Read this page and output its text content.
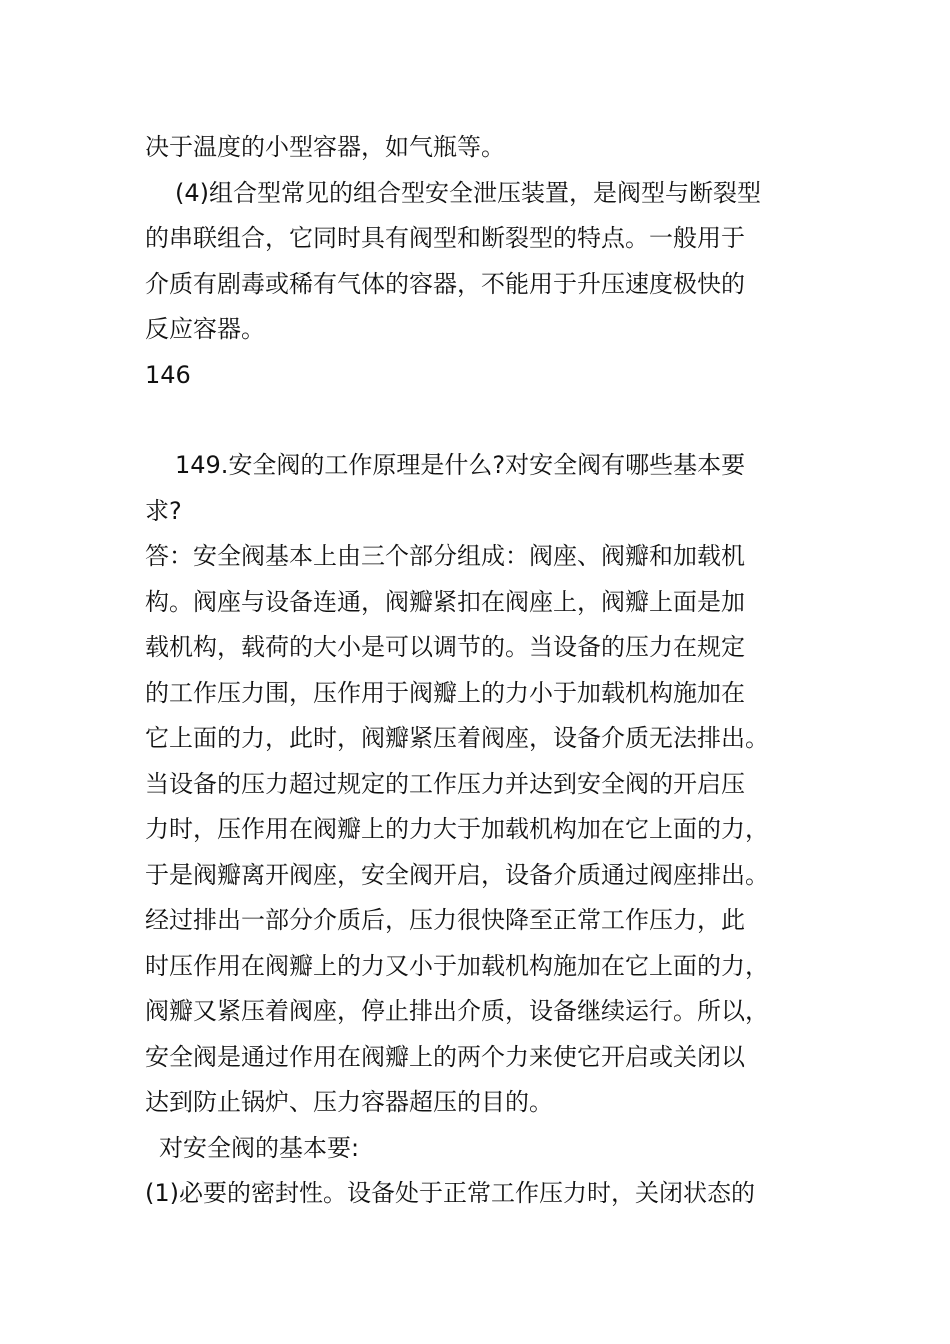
决于温度的小型容器，如气瓶等。

(4)组合型常见的组合型安全泄压装置，是阀型与断裂型

的串联组合，它同时具有阀型和断裂型的特点。一般用于

介质有剧毒或稀有气体的容器，不能用于升压速度极快的

反应容器。

146

149.安全阀的工作原理是什么?对安全阀有哪些基本要

求?

答：安全阀基本上由三个部分组成：阀座、阀瓣和加载机

构。阀座与设备连通，阀瓣紧扣在阀座上，阀瓣上面是加

载机构，载荷的大小是可以调节的。当设备的压力在规定

的工作压力围，压作用于阀瓣上的力小于加载机构施加在

它上面的力，此时，阀瓣紧压着阀座，设备介质无法排出。

当设备的压力超过规定的工作压力并达到安全阀的开启压

力时，压作用在阀瓣上的力大于加载机构加在它上面的力，

于是阀瓣离开阀座，安全阀开启，设备介质通过阀座排出。

经过排出一部分介质后，压力很快降至正常工作压力，此

时压作用在阀瓣上的力又小于加载机构施加在它上面的力，

阀瓣又紧压着阀座，停止排出介质，设备继续运行。所以，

安全阀是通过作用在阀瓣上的两个力来使它开启或关闭以

达到防止锅炉、压力容器超压的目的。

对安全阀的基本要:

(1)必要的密封性。设备处于正常工作压力时，关闭状态的
